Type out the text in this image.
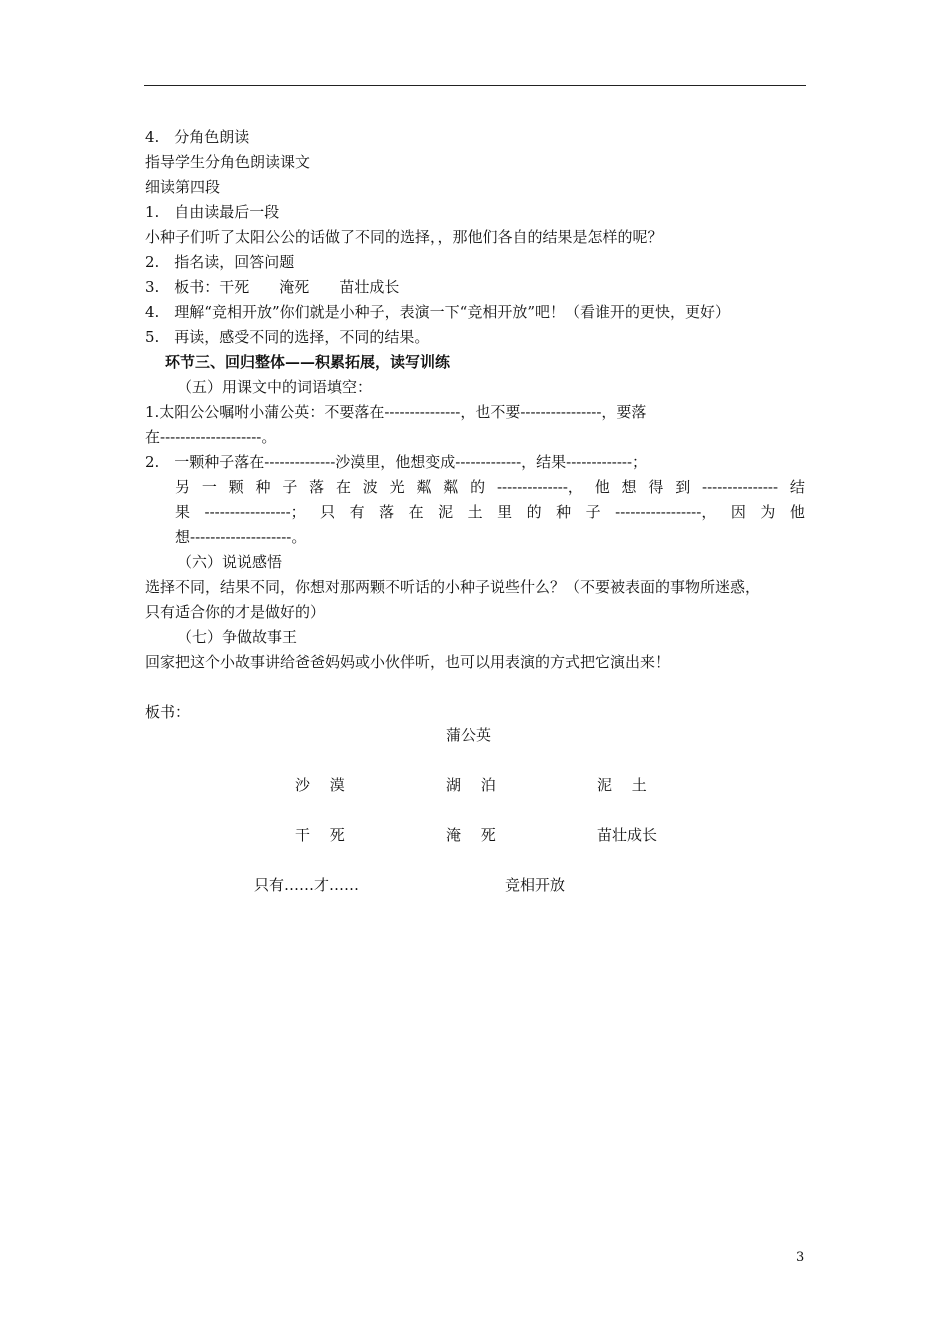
4.　分角色朗读
指导学生分角色朗读课文
细读第四段
1.　自由读最后一段
小种子们听了太阳公公的话做了不同的选择，，那他们各自的结果是怎样的呢？
2.　指名读，回答问题
3.　板书：干死　　淹死　　苗壮成长
4.　理解“竞相开放”你们就是小种子，表演一下“竞相开放”吧！（看谁开的更快，更好）
5.　再读，感受不同的选择，不同的结果。
环节三、回归整体——积累拓展，读写训练
（五）用课文中的词语填空：
1.太阳公公嘱咐小蒲公英：不要落在---------------，也不要----------------，要落
在--------------------。
2.　一颗种子落在--------------沙漠里，他想变成-------------，结果-------------；
另 一 颗 种 子 落 在 波 光 粼 粼 的 --------------， 他 想 得 到 --------------- 结
果 -----------------； 只 有 落 在 泥 土 里 的 种 子 -----------------， 因 为 他
想--------------------。
（六）说说感悟
选择不同，结果不同，你想对那两颗不听话的小种子说些什么？（不要被表面的事物所迷惑，
只有适合你的才是做好的）
（七）争做故事王
回家把这个小故事讲给爸爸妈妈或小伙伴听，也可以用表演的方式把它演出来！
板书：
蒲公英
沙　 漠	湖　 泊	泥　 土
干　 死	淹　 死	苗壮成长
只有……才……	竞相开放
3
